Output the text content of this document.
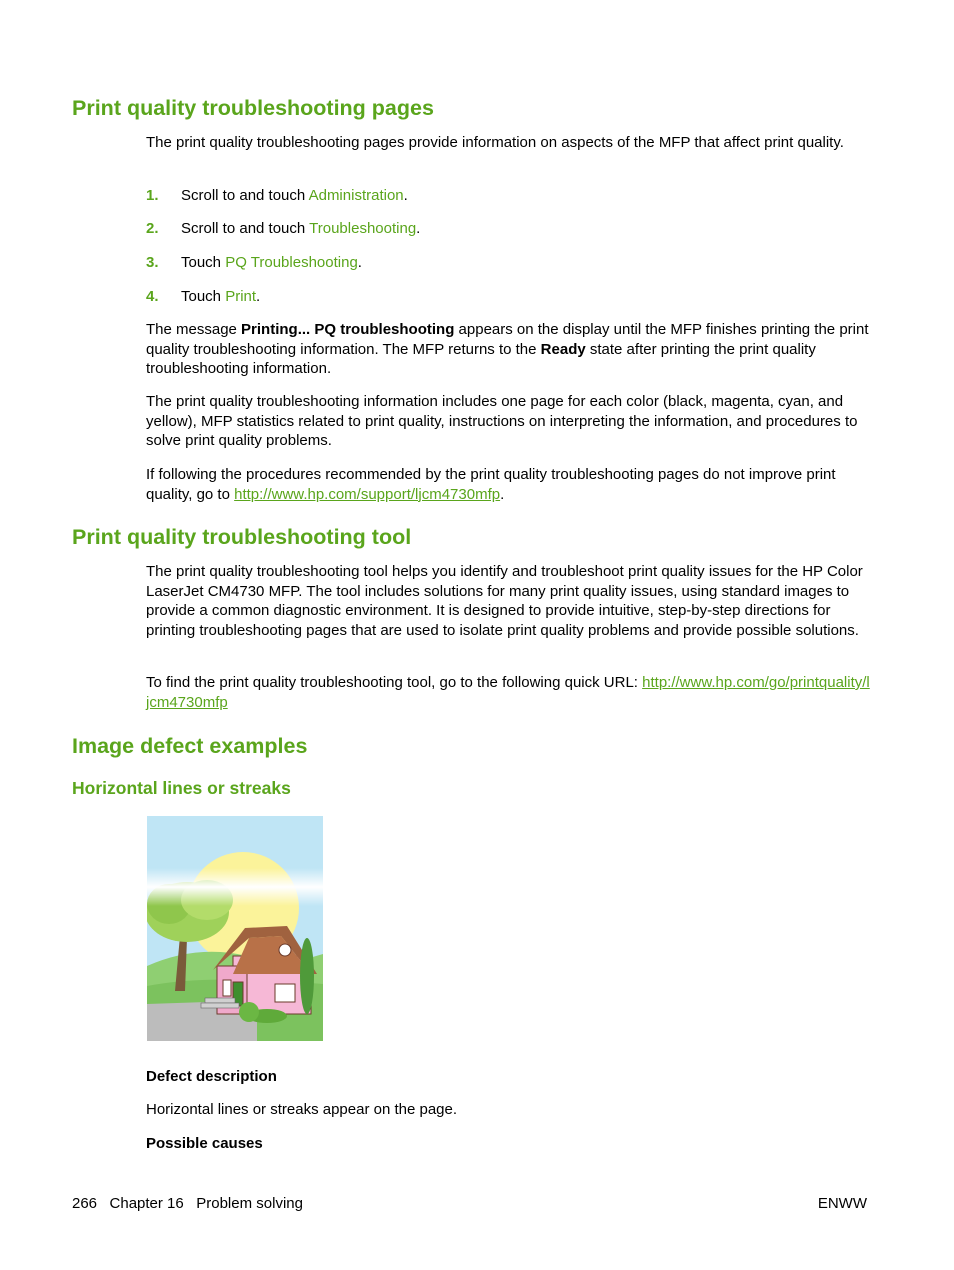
Print quality troubleshooting pages

The print quality troubleshooting pages provide information on aspects of the MFP that affect print quality.

1. Scroll to and touch Administration.

2. Scroll to and touch Troubleshooting.

3. Touch PQ Troubleshooting.

4. Touch Print.

The message Printing... PQ troubleshooting appears on the display until the MFP finishes printing the print quality troubleshooting information. The MFP returns to the Ready state after printing the print quality troubleshooting information.

The print quality troubleshooting information includes one page for each color (black, magenta, cyan, and yellow), MFP statistics related to print quality, instructions on interpreting the information, and procedures to solve print quality problems.

If following the procedures recommended by the print quality troubleshooting pages do not improve print quality, go to http://www.hp.com/support/ljcm4730mfp.

Print quality troubleshooting tool

The print quality troubleshooting tool helps you identify and troubleshoot print quality issues for the HP Color LaserJet CM4730 MFP. The tool includes solutions for many print quality issues, using standard images to provide a common diagnostic environment. It is designed to provide intuitive, step-by-step directions for printing troubleshooting pages that are used to isolate print quality problems and provide possible solutions.

To find the print quality troubleshooting tool, go to the following quick URL: http://www.hp.com/go/printquality/ljcm4730mfp

Image defect examples
Horizontal lines or streaks

Defect description

Horizontal lines or streaks appear on the page.

Possible causes

266   Chapter 16   Problem solving	ENWW
